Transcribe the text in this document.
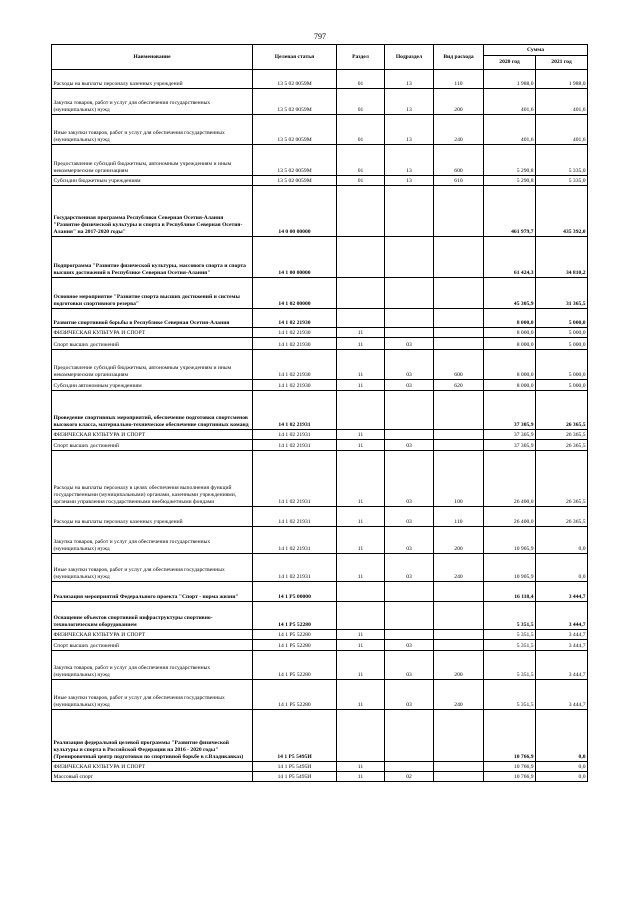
797
Наименование	Целевая статья	Раздел	Подраздел	Вид расхода	Сумма	
					2020 год	2021 год
Расходы на выплаты персоналу казенных учреждений	13 5 02 0059М	01	13	110	1 988,0	1 988,0
Закупка товаров, работ и услуг для обеспечения государственных (муниципальных) нужд	13 5 02 0059М	01	13	200	401,6	401,6
Иные закупки товаров, работ и услуг для обеспечения государственных (муниципальных) нужд	13 5 02 0059М	01	13	240	401,6	401,6
Предоставление субсидий бюджетным, автономным учреждениям и иным некоммерческим организациям	13 5 02 0059М	01	13	600	5 290,8	5 335,0
Субсидии бюджетным учреждениям	13 5 02 0059М	01	13	610	5 290,8	5 335,0
Государственная программа Республики Северная Осетия-Алания "Развитие физической культуры и спорта в Республике Северная Осетия-Алания" на 2017-2020 годы"	14 0 00 00000				461 979,7	435 392,0
Подпрограмма "Развитие физической культуры, массового спорта и спорта высших достижений в Республике Северная Осетия-Алания"	14 1 00 00000				61 424,3	34 810,2
Основное мероприятие "Развитие спорта высших достижений и системы подготовки спортивного резерва"	14 1 02 00000				45 305,9	31 365,5
Развитие спортивной борьбы в Республике Северная Осетия-Алания	14 1 02 21930				8 000,0	5 000,0
ФИЗИЧЕСКАЯ КУЛЬТУРА И СПОРТ	14 1 02 21930	11			8 000,0	5 000,0
Спорт высших достижений	14 1 02 21930	11	03		8 000,0	5 000,0
Предоставление субсидий бюджетным, автономным учреждениям и иным некоммерческим организациям	14 1 02 21930	11	03	600	8 000,0	5 000,0
Субсидии автономным учреждениям	14 1 02 21930	11	03	620	8 000,0	5 000,0
Проведение спортивных мероприятий, обеспечение подготовки спортсменов высокого класса, материально-техническое обеспечение спортивных команд	14 1 02 21931				37 305,9	26 365,5
ФИЗИЧЕСКАЯ КУЛЬТУРА И СПОРТ	14 1 02 21931	11			37 305,9	26 365,5
Спорт высших достижений	14 1 02 21931	11	03		37 305,9	26 365,5
Расходы на выплаты персоналу в целях обеспечения выполнения функций государственными (муниципальными) органами, казенными учреждениями, органами управления государственными внебюджетными фондами	14 1 02 21931	11	03	100	26 400,0	26 365,5
Расходы на выплаты персоналу казенных учреждений	14 1 02 21931	11	03	110	26 400,0	26 365,5
Закупка товаров, работ и услуг для обеспечения государственных (муниципальных) нужд	14 1 02 21931	11	03	200	10 905,9	0,0
Иные закупки товаров, работ и услуг для обеспечения государственных (муниципальных) нужд	14 1 02 21931	11	03	240	10 905,9	0,0
Реализация мероприятий Федерального проекта "Спорт - норма жизни"	14 1 P5 00000				16 118,4	3 444,7
Оснащение объектов спортивной инфраструктуры спортивно-технологическим оборудованием	14 1 P5 52280				5 351,5	3 444,7
ФИЗИЧЕСКАЯ КУЛЬТУРА И СПОРТ	14 1 P5 52280	11			5 351,5	3 444,7
Спорт высших достижений	14 1 P5 52280	11	03		5 351,5	3 444,7
Закупка товаров, работ и услуг для обеспечения государственных (муниципальных) нужд	14 1 P5 52280	11	03	200	5 351,5	3 444,7
Иные закупки товаров, работ и услуг для обеспечения государственных (муниципальных) нужд	14 1 P5 52280	11	03	240	5 351,5	3 444,7
Реализация федеральной целевой программы "Развитие физической культуры и спорта в Российской Федерации на 2016 - 2020 годы"(Тренировочный центр подготовки по спортивной борьбе в г.Владикавказ)	14 1 P5 5495И				10 766,9	0,0
ФИЗИЧЕСКАЯ КУЛЬТУРА И СПОРТ	14 1 P5 5495И	11			10 766,9	0,0
Массовый спорт	14 1 P5 5495И	11	02		10 766,9	0,0
